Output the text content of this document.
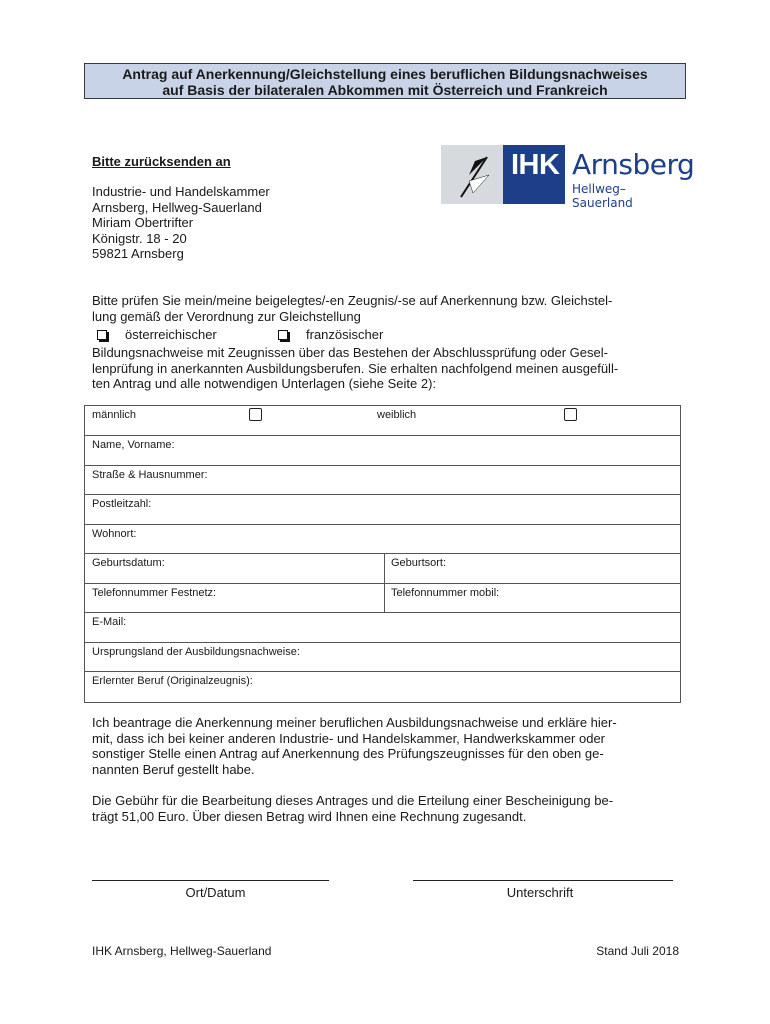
Antrag auf Anerkennung/Gleichstellung eines beruflichen Bildungsnachweises
auf Basis der bilateralen Abkommen mit Österreich und Frankreich
Bitte zurücksenden an
Industrie- und Handelskammer
Arnsberg, Hellweg-Sauerland
Miriam Obertrifter
Königstr. 18 - 20
59821 Arnsberg
IHK Arnsberg
Hellweg–Sauerland
Bitte prüfen Sie mein/meine beigelegtes/-en Zeugnis/-se auf Anerkennung bzw. Gleichstel-
lung gemäß der Verordnung zur Gleichstellung
österreichischer	französischer
Bildungsnachweise mit Zeugnissen über das Bestehen der Abschlussprüfung oder Gesel-
lenprüfung in anerkannten Ausbildungsberufen. Sie erhalten nachfolgend meinen ausgefüll-
ten Antrag und alle notwendigen Unterlagen (siehe Seite 2):
männlich	weiblich
Name, Vorname:
Straße & Hausnummer:
Postleitzahl:
Wohnort:
Geburtsdatum:	Geburtsort:
Telefonnummer Festnetz:	Telefonnummer mobil:
E-Mail:
Ursprungsland der Ausbildungsnachweise:
Erlernter Beruf (Originalzeugnis):
Ich beantrage die Anerkennung meiner beruflichen Ausbildungsnachweise und erkläre hier-
mit, dass ich bei keiner anderen Industrie- und Handelskammer, Handwerkskammer oder
sonstiger Stelle einen Antrag auf Anerkennung des Prüfungszeugnisses für den oben ge-
nannten Beruf gestellt habe.
Die Gebühr für die Bearbeitung dieses Antrages und die Erteilung einer Bescheinigung be-
trägt 51,00 Euro. Über diesen Betrag wird Ihnen eine Rechnung zugesandt.
Ort/Datum	Unterschrift
IHK Arnsberg, Hellweg-Sauerland	Stand Juli 2018
